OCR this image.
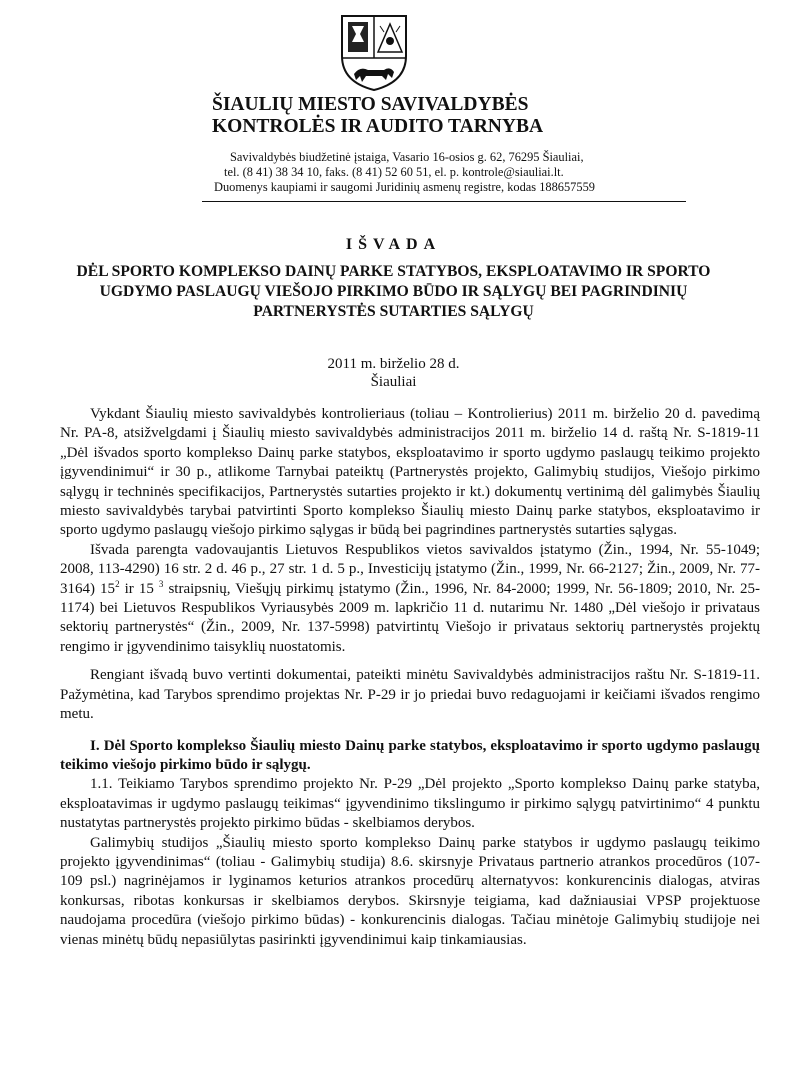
ŠIAULIŲ MIESTO SAVIVALDYBĖS
KONTROLĖS IR AUDITO TARNYBA
Savivaldybės biudžetinė įstaiga, Vasario 16-osios g. 62, 76295 Šiauliai,
tel. (8 41) 38 34 10, faks. (8 41) 52 60 51, el. p. kontrole@siauliai.lt.
Duomenys kaupiami ir saugomi Juridinių asmenų registre, kodas 188657559
IŠVADA
DĖL SPORTO KOMPLEKSO DAINŲ PARKE STATYBOS, EKSPLOATAVIMO IR SPORTO
UGDYMO PASLAUGŲ VIEŠOJO PIRKIMO BŪDO IR SĄLYGŲ BEI PAGRINDINIŲ
PARTNERYSTĖS SUTARTIES SĄLYGŲ
2011 m. birželio 28 d.
Šiauliai

Vykdant Šiaulių miesto savivaldybės kontrolieriaus (toliau – Kontrolierius) 2011 m. birželio 20 d. pavedimą Nr. PA-8, atsižvelgdami į Šiaulių miesto savivaldybės administracijos 2011 m. birželio 14 d. raštą Nr. S-1819-11 „Dėl išvados sporto komplekso Dainų parke statybos, eksploatavimo ir sporto ugdymo paslaugų teikimo projekto įgyvendinimui“ ir 30 p., atlikome Tarnybai pateiktų (Partnerystės projekto, Galimybių studijos, Viešojo pirkimo sąlygų ir techninės specifikacijos, Partnerystės sutarties projekto ir kt.) dokumentų vertinimą dėl galimybės Šiaulių miesto savivaldybės tarybai patvirtinti Sporto komplekso Šiaulių miesto Dainų parke statybos, eksploatavimo ir sporto ugdymo paslaugų viešojo pirkimo sąlygas ir būdą bei pagrindines partnerystės sutarties sąlygas.

Išvada parengta vadovaujantis Lietuvos Respublikos vietos savivaldos įstatymo (Žin., 1994, Nr. 55-1049; 2008, 113-4290) 16 str. 2 d. 46 p., 27 str. 1 d. 5 p., Investicijų įstatymo (Žin., 1999, Nr. 66-2127; Žin., 2009, Nr. 77-3164) $15^2$ ir 15 $^3$ straipsnių, Viešųjų pirkimų įstatymo (Žin., 1996, Nr. 84-2000; 1999, Nr. 56-1809; 2010, Nr. 25-1174) bei Lietuvos Respublikos Vyriausybės 2009 m. lapkričio 11 d. nutarimu Nr. 1480 „Dėl viešojo ir privataus sektorių partnerystės“ (Žin., 2009, Nr. 137-5998) patvirtintų Viešojo ir privataus sektorių partnerystės projektų rengimo ir įgyvendinimo taisyklių nuostatomis.

Rengiant išvadą buvo vertinti dokumentai, pateikti minėtu Savivaldybės administracijos raštu Nr. S-1819-11. Pažymėtina, kad Tarybos sprendimo projektas Nr. P-29 ir jo priedai buvo redaguojami ir keičiami išvados rengimo metu.

I. Dėl Sporto komplekso Šiaulių miesto Dainų parke statybos, eksploatavimo ir sporto ugdymo paslaugų teikimo viešojo pirkimo būdo ir sąlygų.

1.1. Teikiamo Tarybos sprendimo projekto Nr. P-29 „Dėl projekto „Sporto komplekso Dainų parke statyba, eksploatavimas ir ugdymo paslaugų teikimas“ įgyvendinimo tikslingumo ir pirkimo sąlygų patvirtinimo“ 4 punktu nustatytas partnerystės projekto pirkimo būdas - skelbiamos derybos.

Galimybių studijos „Šiaulių miesto sporto komplekso Dainų parke statybos ir ugdymo paslaugų teikimo projekto įgyvendinimas“ (toliau - Galimybių studija) 8.6. skirsnyje Privataus partnerio atrankos procedūros (107-109 psl.) nagrinėjamos ir lyginamos keturios atrankos procedūrų alternatyvos: konkurencinis dialogas, atviras konkursas, ribotas konkursas ir skelbiamos derybos. Skirsnyje teigiama, kad dažniausiai VPSP projektuose naudojama procedūra (viešojo pirkimo būdas) - konkurencinis dialogas. Tačiau minėtoje Galimybių studijoje nei vienas minėtų būdų nepasiūlytas pasirinkti įgyvendinimui kaip tinkamiausias.
